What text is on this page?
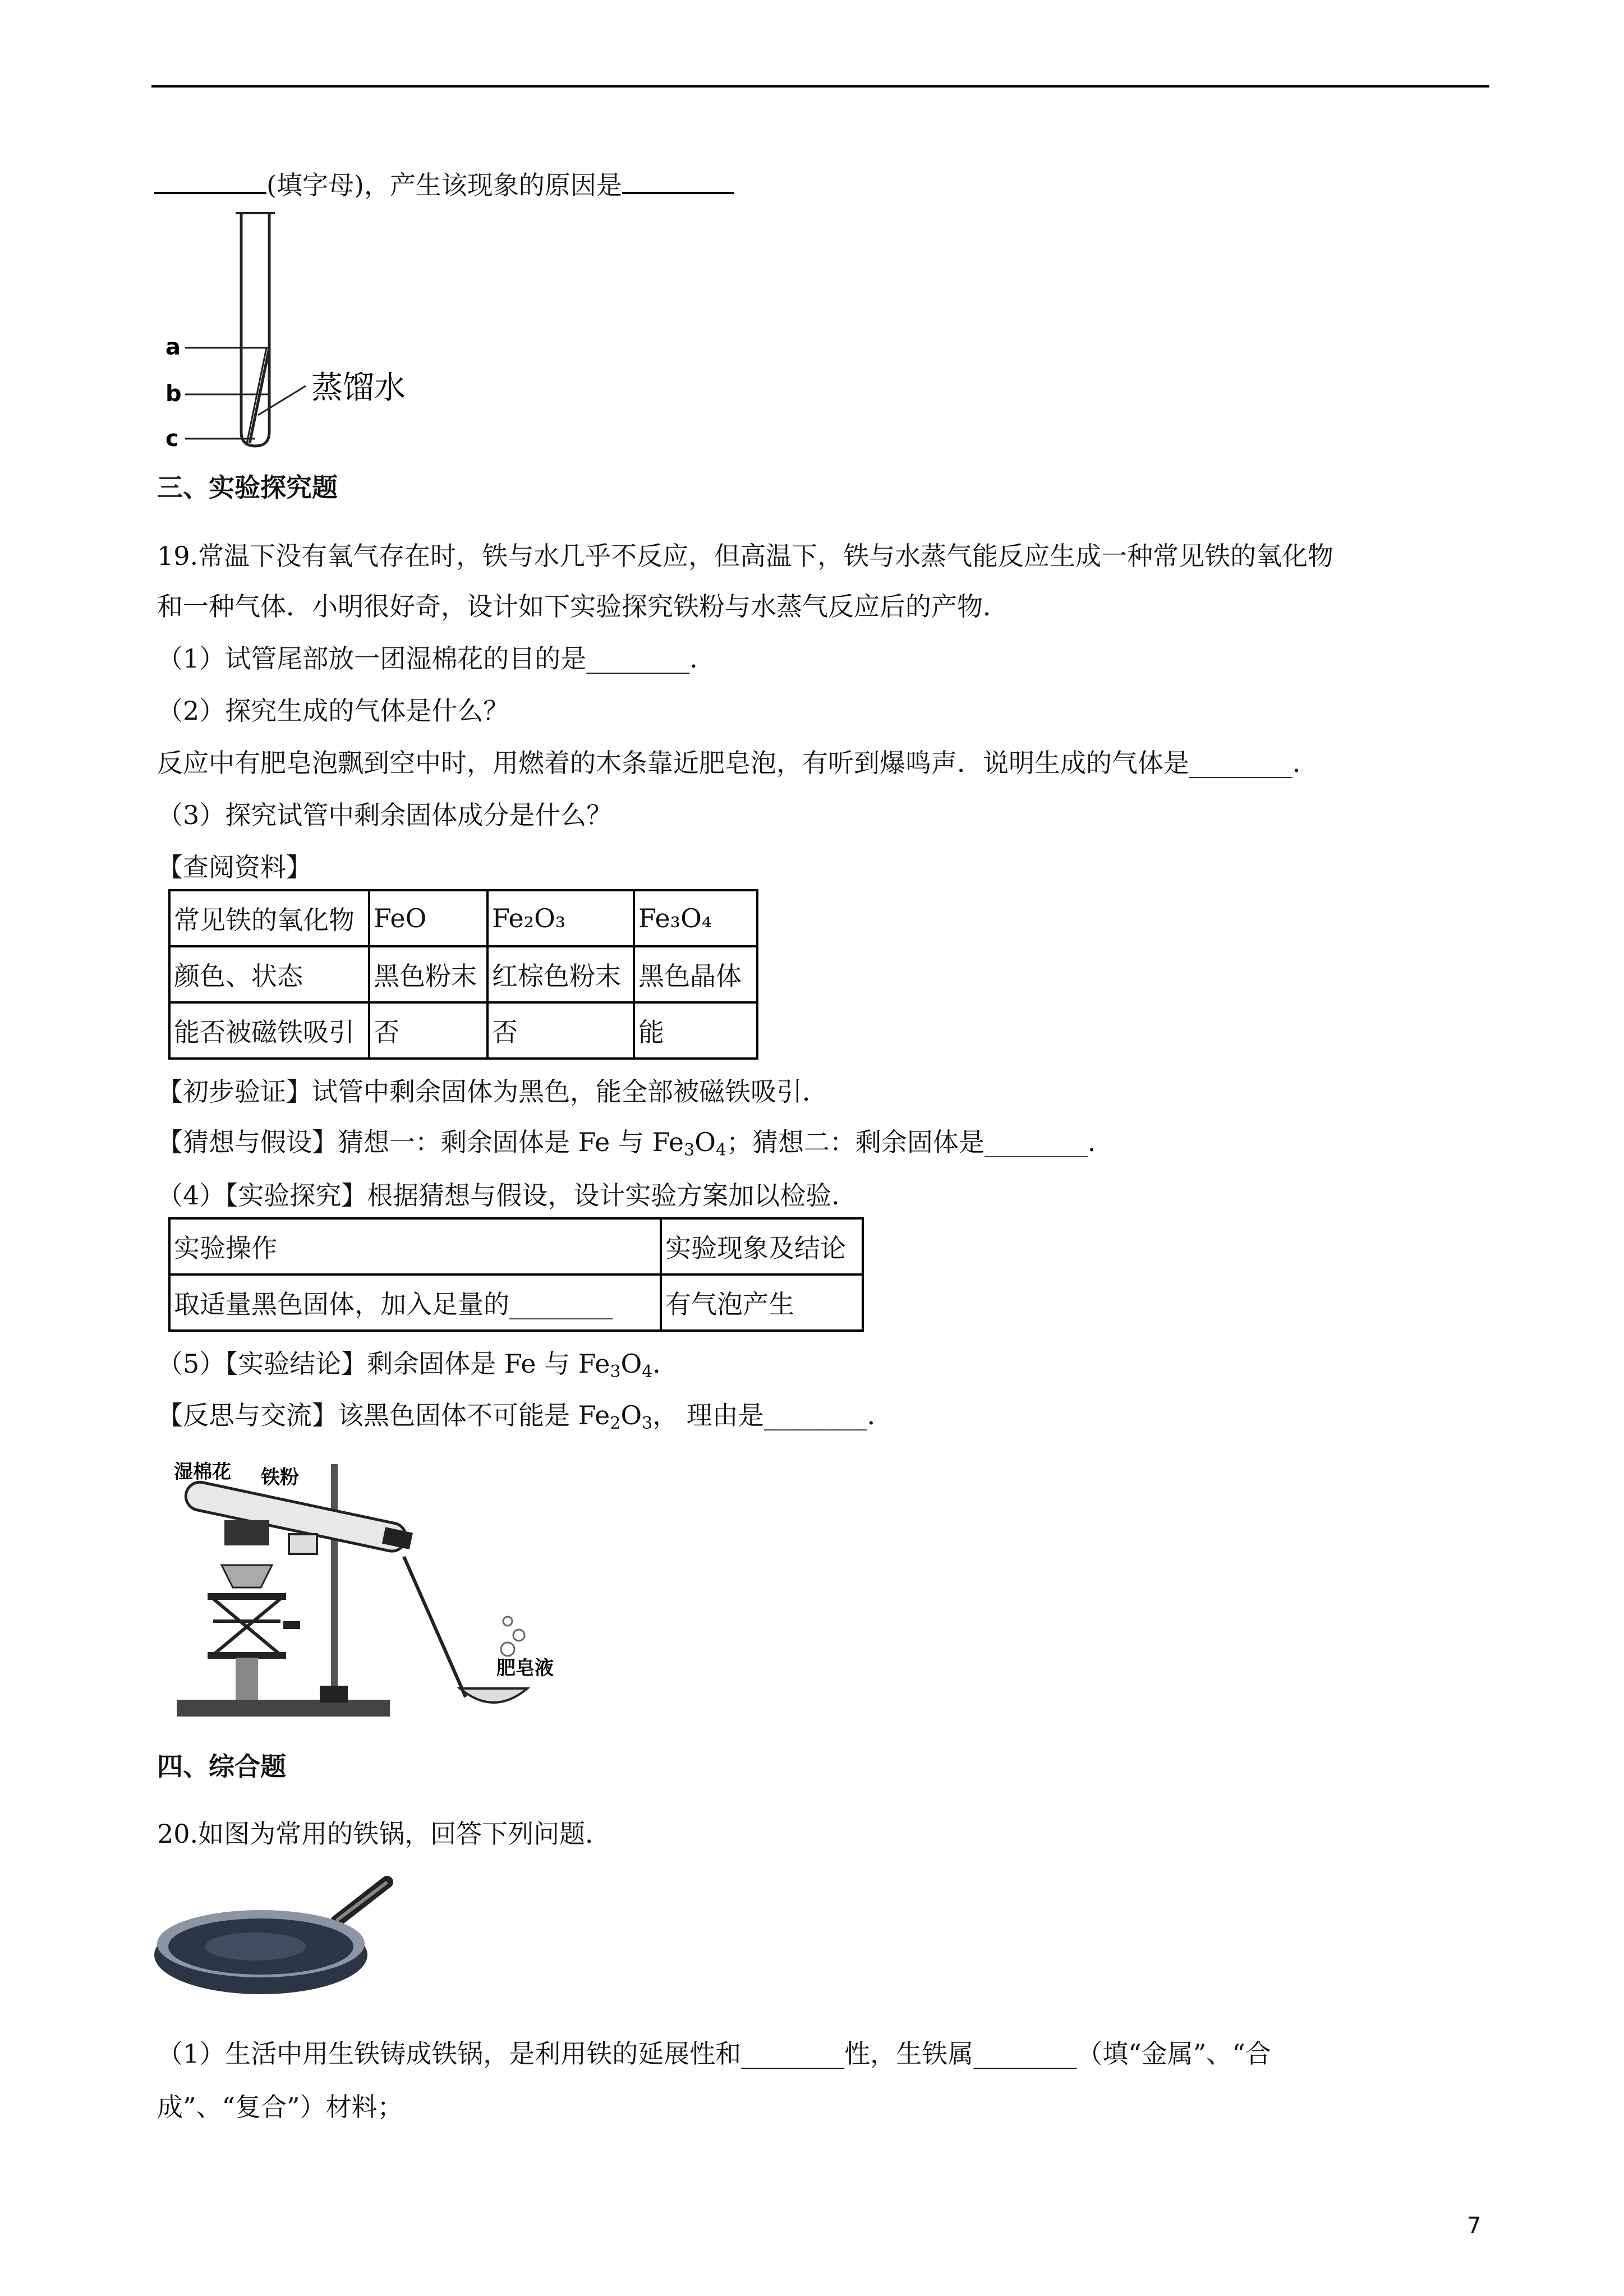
(填字母)，产生该现象的原因是
a
b
c
蒸馏水
三、实验探究题
19.常温下没有氧气存在时，铁与水几乎不反应，但高温下，铁与水蒸气能反应生成一种常见铁的氧化物
和一种气体．小明很好奇，设计如下实验探究铁粉与水蒸气反应后的产物．
（1）试管尾部放一团湿棉花的目的是________．
（2）探究生成的气体是什么？
反应中有肥皂泡飘到空中时，用燃着的木条靠近肥皂泡，有听到爆鸣声．说明生成的气体是________．
（3）探究试管中剩余固体成分是什么？
【查阅资料】
常见铁的氧化物	FeO	Fe₂O₃	Fe₃O₄
颜色、状态	黑色粉末	红棕色粉末	黑色晶体
能否被磁铁吸引	否	否	能
【初步验证】试管中剩余固体为黑色，能全部被磁铁吸引．
【猜想与假设】猜想一：剩余固体是 Fe 与 $Fe_3O_4$；猜想二：剩余固体是________．
（4）【实验探究】根据猜想与假设，设计实验方案加以检验．
实验操作	实验现象及结论
取适量黑色固体，加入足量的________	有气泡产生
（5）【实验结论】剩余固体是 Fe 与 $Fe_3O_4$．
【反思与交流】该黑色固体不可能是 $Fe_2O_3$， 理由是________．
湿棉花 铁粉
肥皂液
四、综合题
20.如图为常用的铁锅，回答下列问题．
（1）生活中用生铁铸成铁锅，是利用铁的延展性和________性，生铁属________（填“金属”、“合
成”、“复合”）材料；
7
